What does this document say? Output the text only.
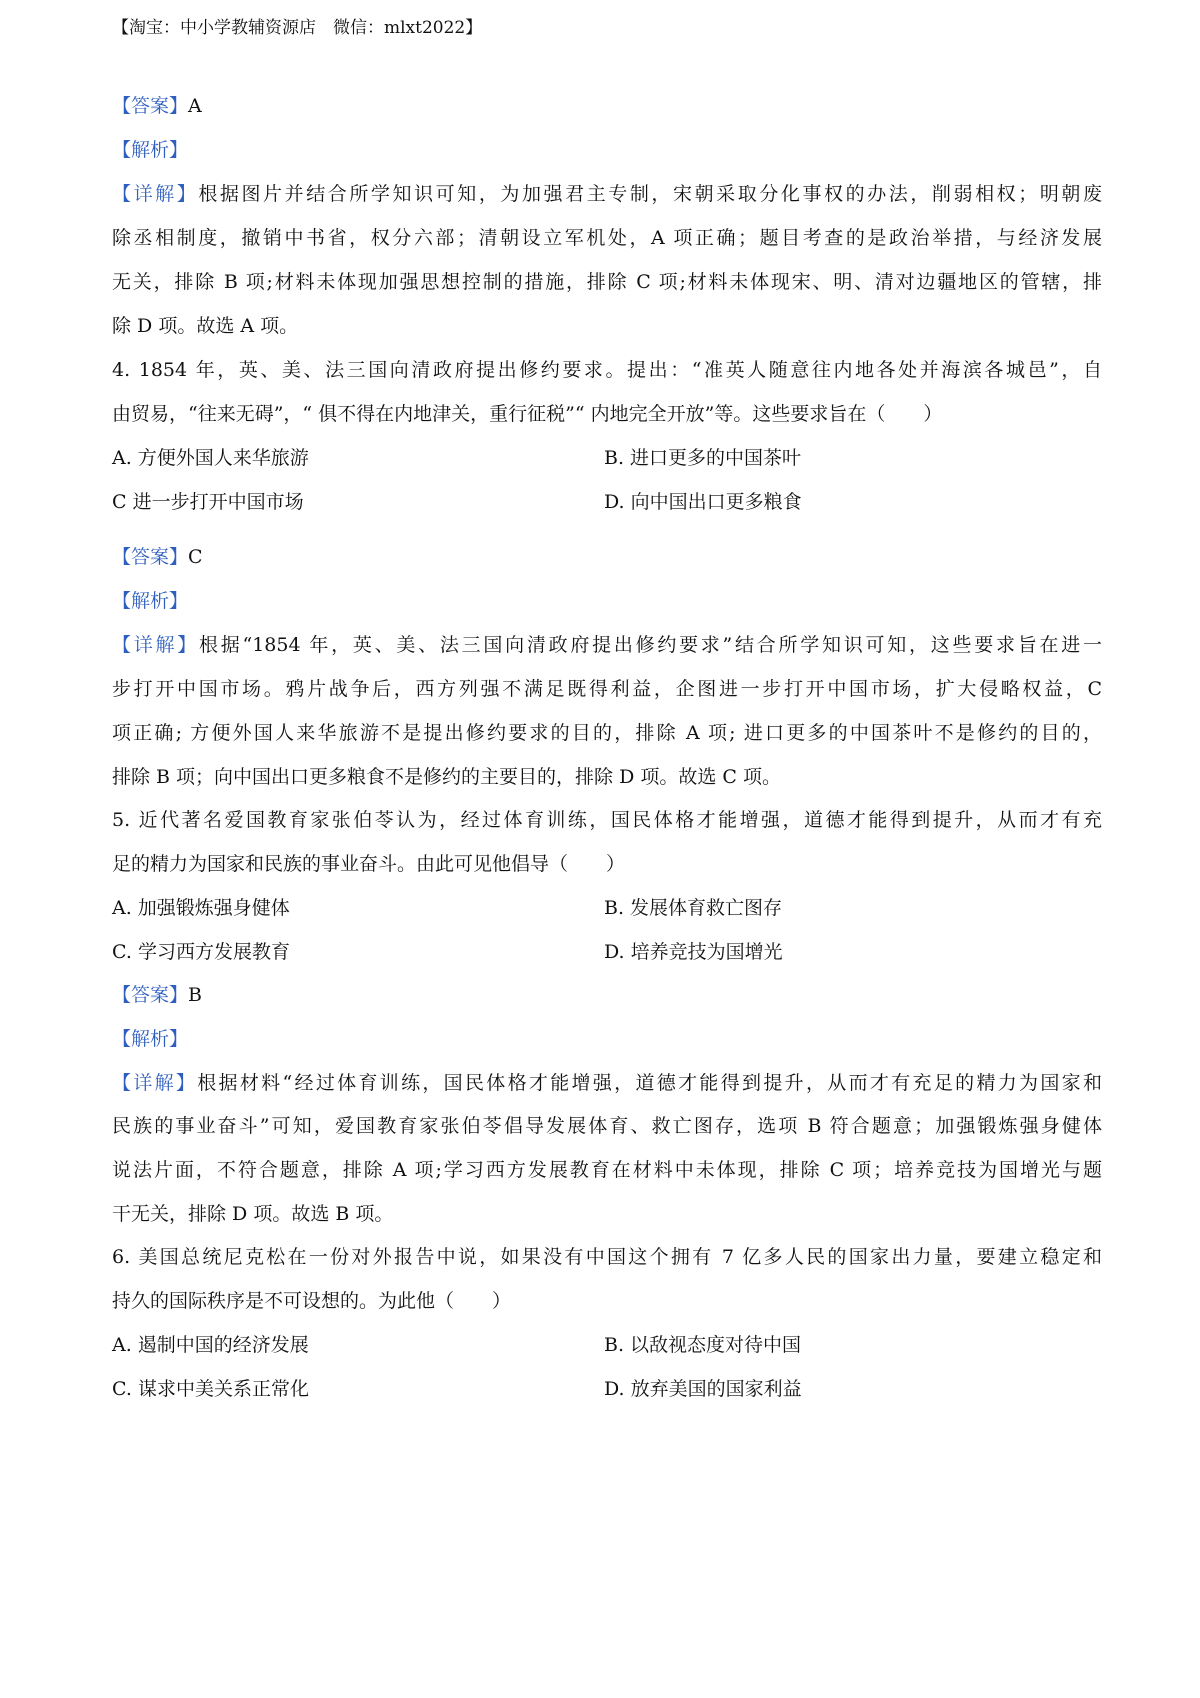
【淘宝：中小学教辅资源店　微信：mlxt2022】
【答案】A
【解析】
【详解】根据图片并结合所学知识可知，为加强君主专制，宋朝采取分化事权的办法，削弱相权；明朝废
除丞相制度，撤销中书省，权分六部；清朝设立军机处，A 项正确；题目考查的是政治举措，与经济发展
无关，排除 B 项;材料未体现加强思想控制的措施，排除 C 项;材料未体现宋、明、清对边疆地区的管辖，排
除 D 项。故选 A 项。
4. 1854 年，英、美、法三国向清政府提出修约要求。提出：“准英人随意往内地各处并海滨各城邑”，自
由贸易，“往来无碍”，“ 俱不得在内地津关，重行征税”“ 内地完全开放”等。这些要求旨在（　　）
A. 方便外国人来华旅游	B. 进口更多的中国茶叶
C 进一步打开中国市场	D. 向中国出口更多粮食
【答案】C
【解析】
【详解】根据“1854 年，英、美、法三国向清政府提出修约要求”结合所学知识可知，这些要求旨在进一
步打开中国市场。鸦片战争后，西方列强不满足既得利益，企图进一步打开中国市场，扩大侵略权益，C
项正确; 方便外国人来华旅游不是提出修约要求的目的，排除 A 项; 进口更多的中国茶叶不是修约的目的，
排除 B 项；向中国出口更多粮食不是修约的主要目的，排除 D 项。故选 C 项。
5. 近代著名爱国教育家张伯苓认为，经过体育训练，国民体格才能增强，道德才能得到提升，从而才有充
足的精力为国家和民族的事业奋斗。由此可见他倡导（　　）
A. 加强锻炼强身健体	B. 发展体育救亡图存
C. 学习西方发展教育	D. 培养竞技为国增光
【答案】B
【解析】
【详解】根据材料“经过体育训练，国民体格才能增强，道德才能得到提升，从而才有充足的精力为国家和
民族的事业奋斗”可知，爱国教育家张伯苓倡导发展体育、救亡图存，选项 B 符合题意；加强锻炼强身健体
说法片面，不符合题意，排除 A 项;学习西方发展教育在材料中未体现，排除 C 项；培养竞技为国增光与题
干无关，排除 D 项。故选 B 项。
6. 美国总统尼克松在一份对外报告中说，如果没有中国这个拥有 7 亿多人民的国家出力量，要建立稳定和
持久的国际秩序是不可设想的。为此他（　　）
A. 遏制中国的经济发展	B. 以敌视态度对待中国
C. 谋求中美关系正常化	D. 放弃美国的国家利益
